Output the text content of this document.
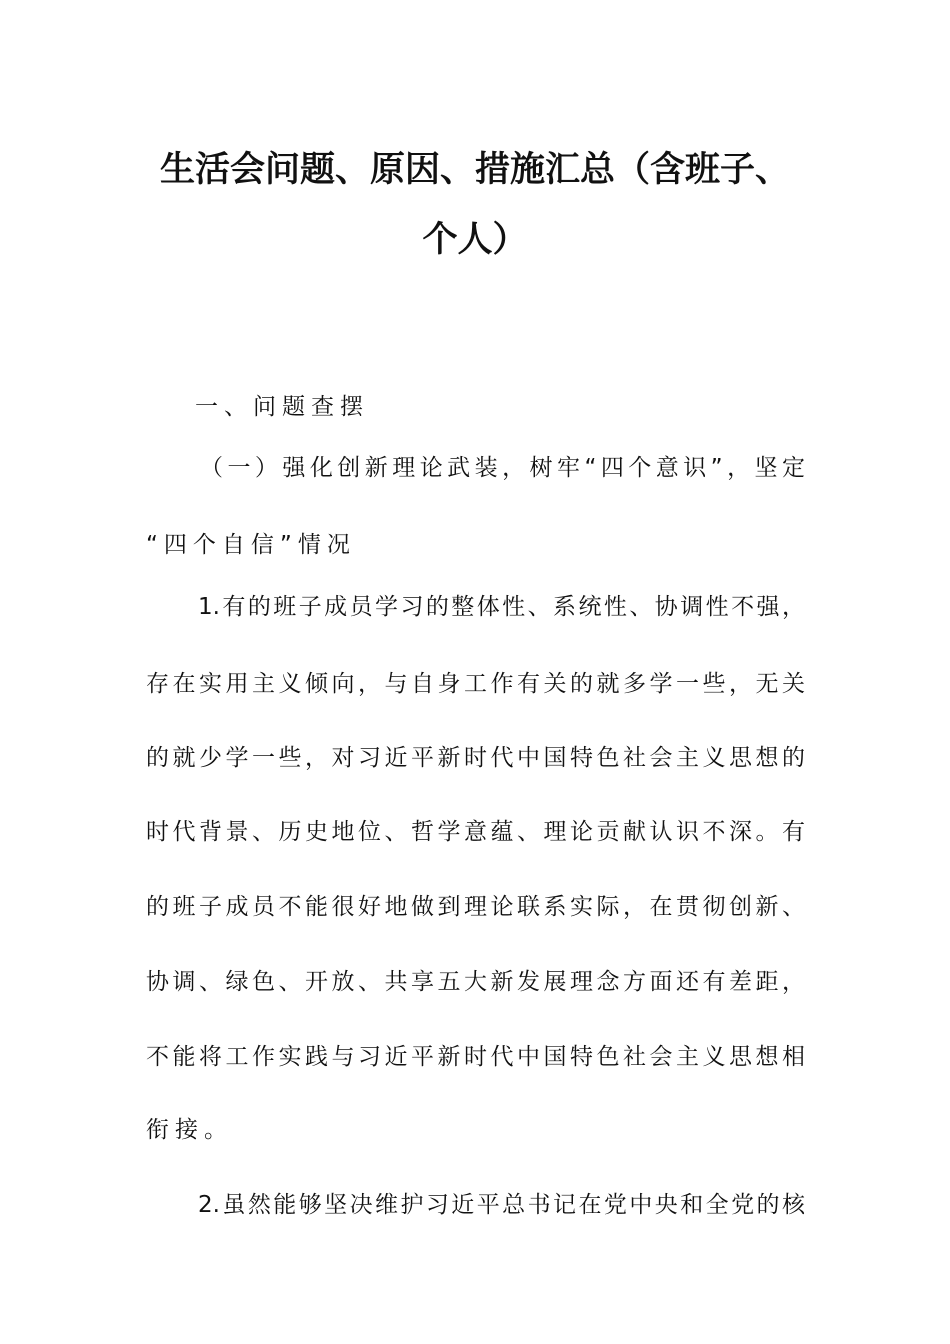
生活会问题、原因、措施汇总（含班子、
个人）
一、问题查摆
（一）强化创新理论武装，树牢“四个意识”，坚定
“四个自信”情况
1.有的班子成员学习的整体性、系统性、协调性不强，
存在实用主义倾向，与自身工作有关的就多学一些，无关
的就少学一些，对习近平新时代中国特色社会主义思想的
时代背景、历史地位、哲学意蕴、理论贡献认识不深。有
的班子成员不能很好地做到理论联系实际，在贯彻创新、
协调、绿色、开放、共享五大新发展理念方面还有差距，
不能将工作实践与习近平新时代中国特色社会主义思想相
衔接。
2.虽然能够坚决维护习近平总书记在党中央和全党的核
